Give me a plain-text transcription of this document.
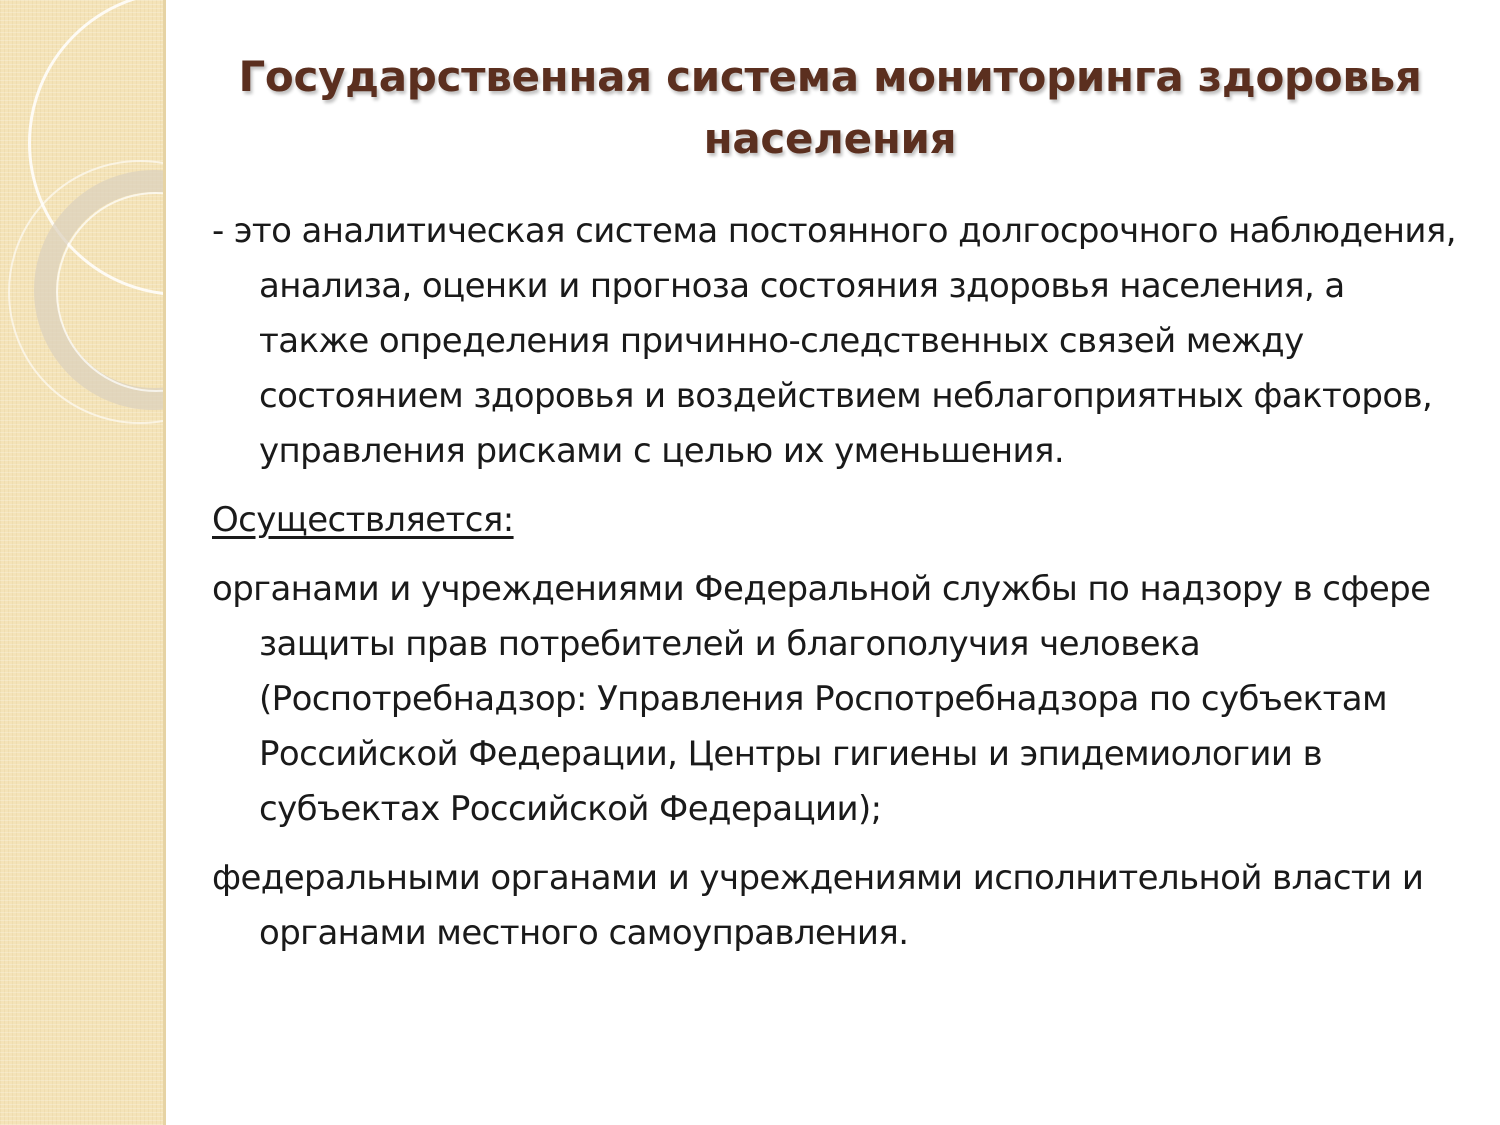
Государственная система мониторинга здоровья населения

- это аналитическая система постоянного долгосрочного наблюдения, анализа, оценки и прогноза состояния здоровья населения, а также определения причинно-следственных связей между состоянием здоровья и воздействием неблагоприятных факторов, управления рисками с целью их уменьшения.

Осуществляется:

органами и учреждениями Федеральной службы по надзору в сфере защиты прав потребителей и благополучия человека (Роспотребнадзор: Управления Роспотребнадзора по субъектам Российской Федерации, Центры гигиены и эпидемиологии в субъектах Российской Федерации);

федеральными органами и учреждениями исполнительной власти и органами местного самоуправления.
